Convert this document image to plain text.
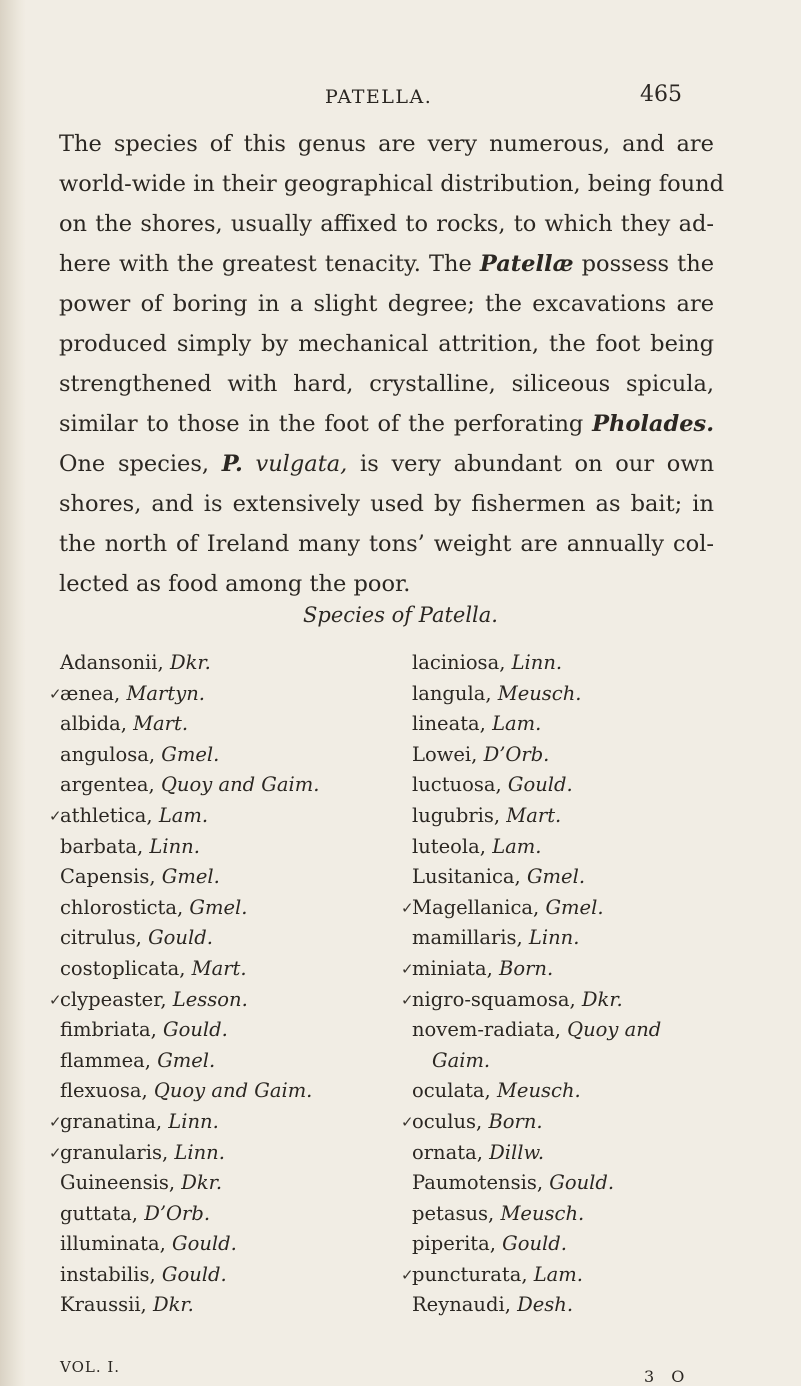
PATELLA.	465
The species of this genus are very numerous, and are
world-wide in their geographical distribution, being found
on the shores, usually affixed to rocks, to which they ad-
here with the greatest tenacity. The Patellæ possess the
power of boring in a slight degree; the excavations are
produced simply by mechanical attrition, the foot being
strengthened with hard, crystalline, siliceous spicula,
similar to those in the foot of the perforating Pholades.
One species, P. vulgata, is very abundant on our own
shores, and is extensively used by fishermen as bait; in
the north of Ireland many tons’ weight are annually col-
lected as food among the poor.
Species of Patella.
Adansonii, Dkr.
✓
ænea, Martyn.
albida, Mart.
angulosa, Gmel.
argentea, Quoy and Gaim.
✓
athletica, Lam.
barbata, Linn.
Capensis, Gmel.
chlorosticta, Gmel.
citrulus, Gould.
costoplicata, Mart.
✓
clypeaster, Lesson.
fimbriata, Gould.
flammea, Gmel.
flexuosa, Quoy and Gaim.
✓
granatina, Linn.
✓
granularis, Linn.
Guineensis, Dkr.
guttata, D’Orb.
illuminata, Gould.
instabilis, Gould.
Kraussii, Dkr.
laciniosa, Linn.
langula, Meusch.
lineata, Lam.
Lowei, D’Orb.
luctuosa, Gould.
lugubris, Mart.
luteola, Lam.
Lusitanica, Gmel.
✓
Magellanica, Gmel.
mamillaris, Linn.
✓
miniata, Born.
✓
nigro-squamosa, Dkr.
novem-radiata, Quoy and
Gaim.
oculata, Meusch.
✓
oculus, Born.
ornata, Dillw.
Paumotensis, Gould.
petasus, Meusch.
piperita, Gould.
✓
puncturata, Lam.
Reynaudi, Desh.
VOL. I.	3 O
